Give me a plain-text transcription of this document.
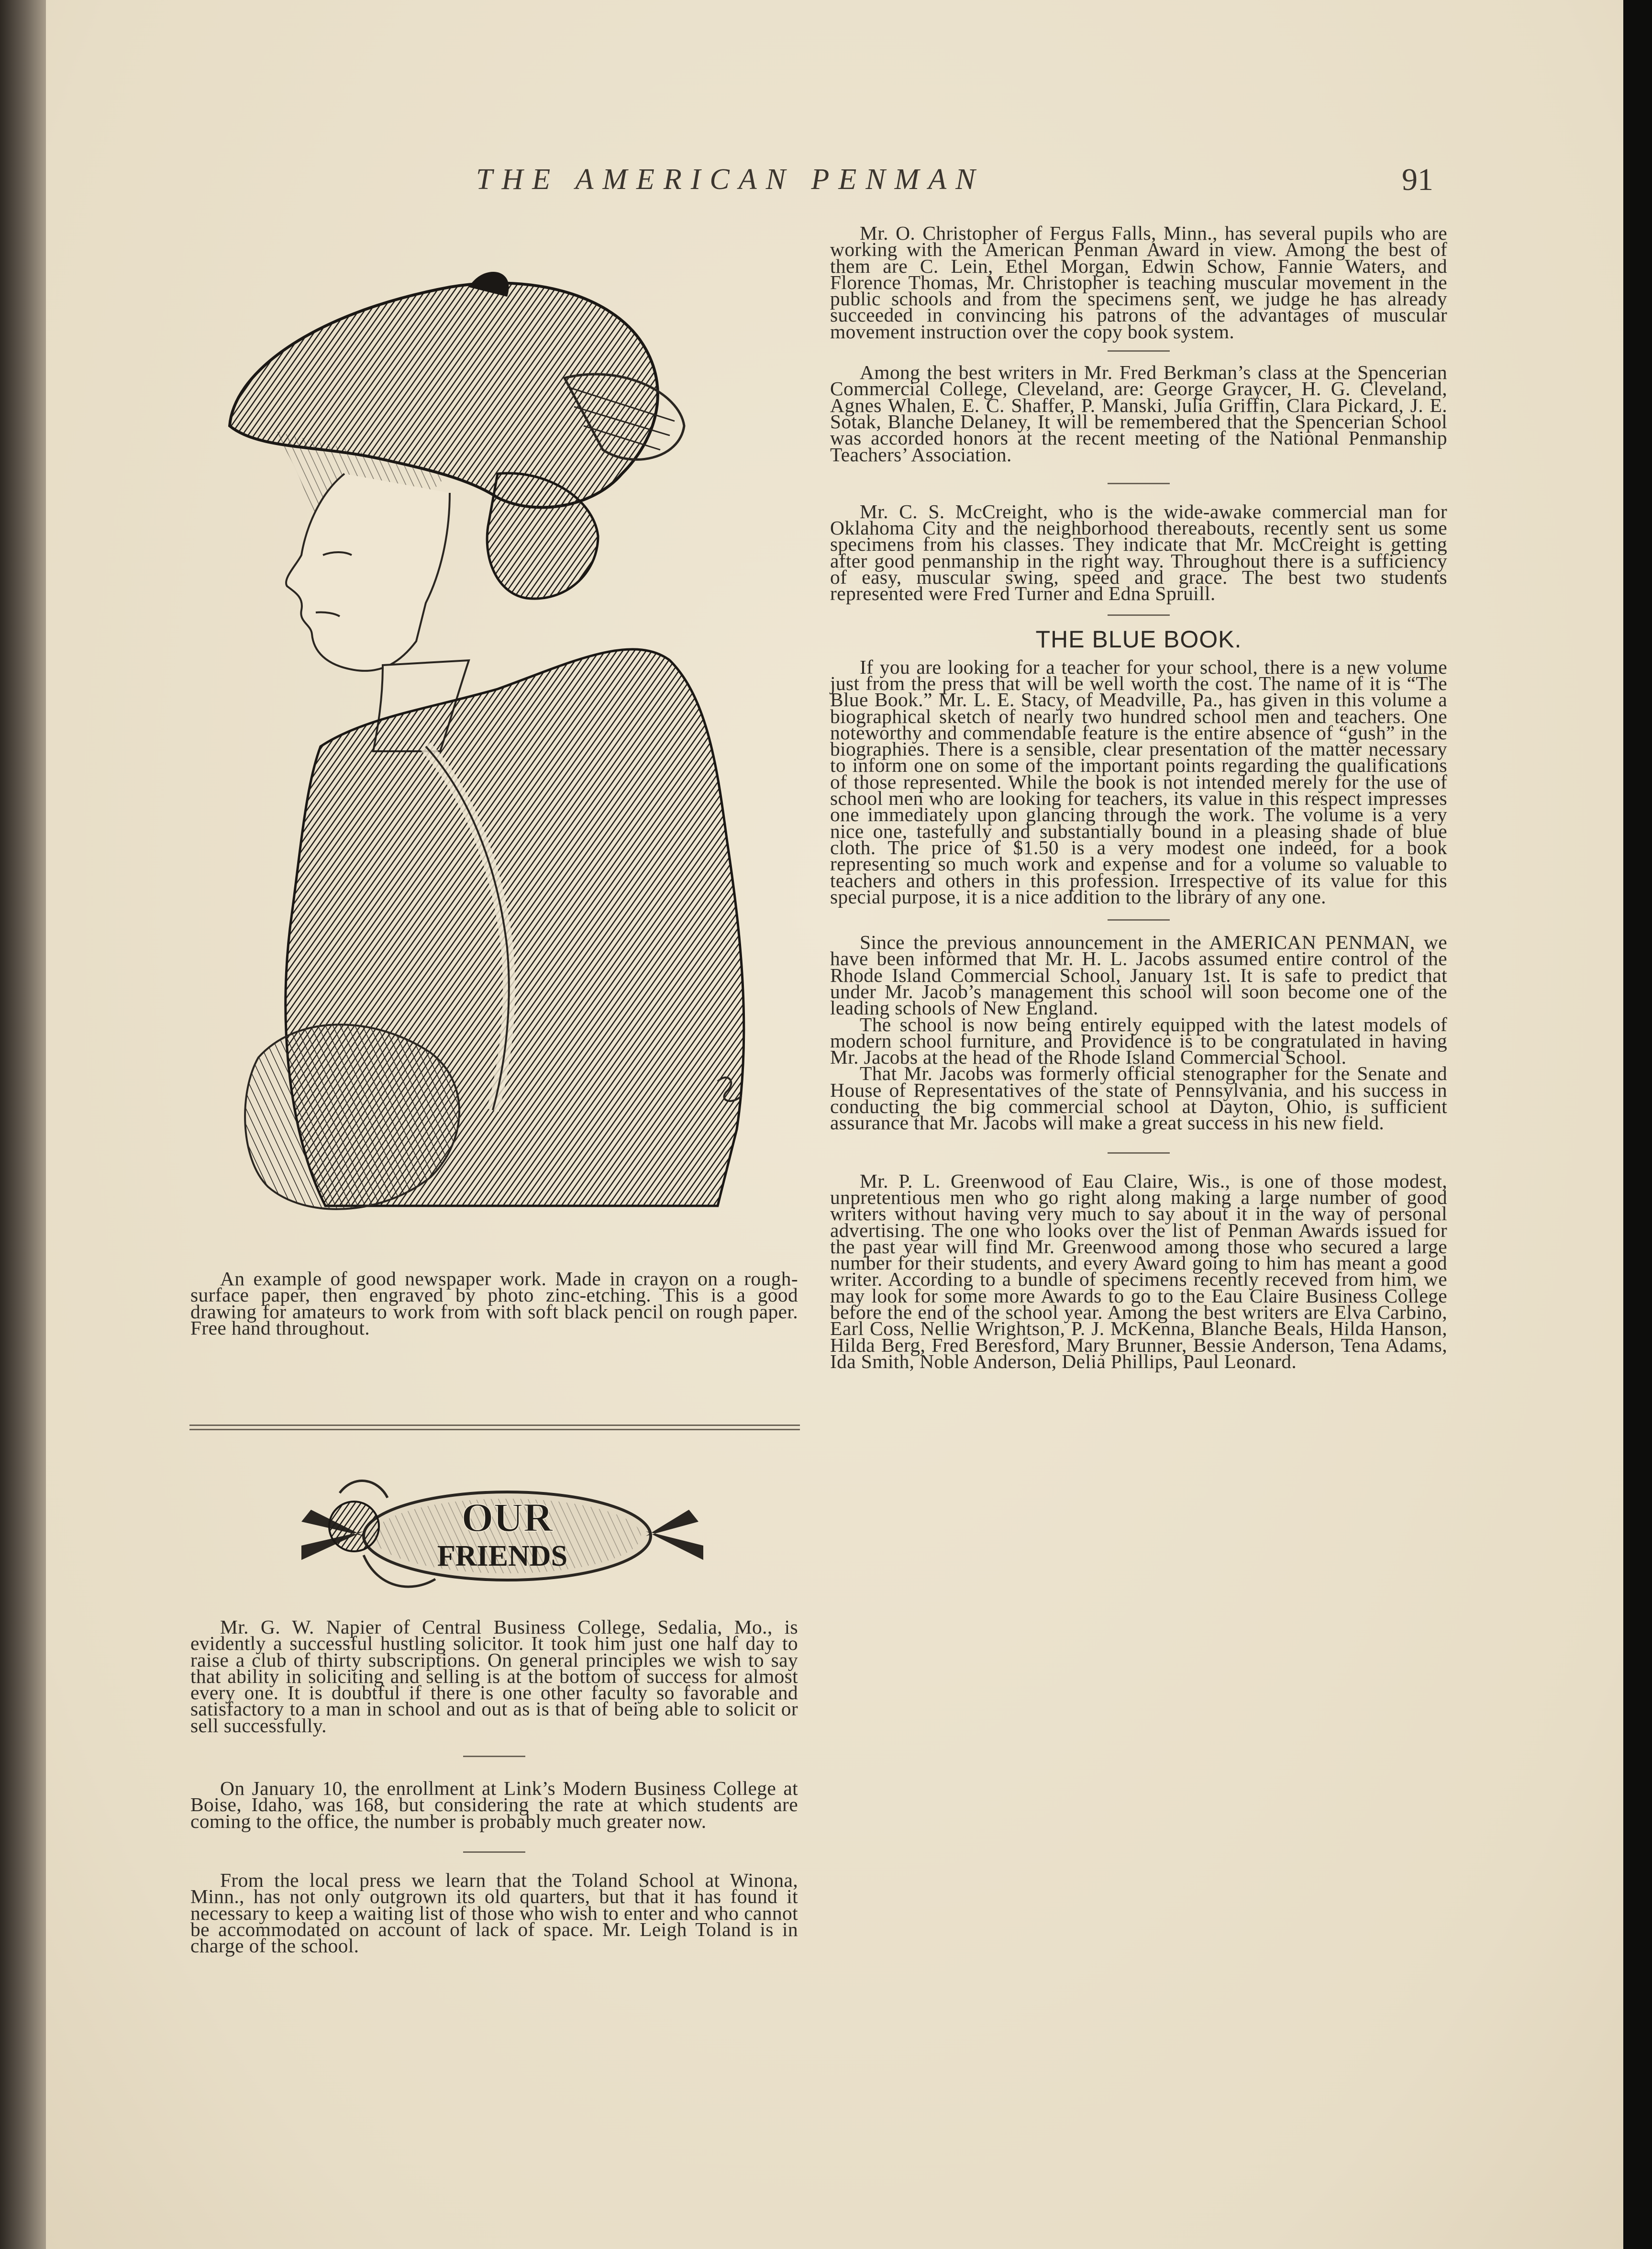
THE AMERICAN PENMAN	91

An example of good newspaper work. Made in crayon on a rough-surface paper, then engraved by photo zinc-etching. This is a good drawing for amateurs to work from with soft black pencil on rough paper. Free hand throughout.

OUR
FRIENDS

Mr. G. W. Napier of Central Business College, Sedalia, Mo., is evidently a successful hustling solicitor. It took him just one half day to raise a club of thirty subscriptions. On general principles we wish to say that ability in soliciting and selling is at the bottom of success for almost every one. It is doubtful if there is one other faculty so favorable and satisfactory to a man in school and out as is that of being able to solicit or sell successfully.

On January 10, the enrollment at Link’s Modern Business College at Boise, Idaho, was 168, but considering the rate at which students are coming to the office, the number is probably much greater now.

From the local press we learn that the Toland School at Winona, Minn., has not only outgrown its old quarters, but that it has found it necessary to keep a waiting list of those who wish to enter and who cannot be accommodated on account of lack of space. Mr. Leigh Toland is in charge of the school.

Mr. O. Christopher of Fergus Falls, Minn., has several pupils who are working with the American Penman Award in view. Among the best of them are C. Lein, Ethel Morgan, Edwin Schow, Fannie Waters, and Florence Thomas, Mr. Christopher is teaching muscular movement in the public schools and from the specimens sent, we judge he has already succeeded in convincing his patrons of the advantages of muscular movement instruction over the copy book system.

Among the best writers in Mr. Fred Berkman’s class at the Spencerian Commercial College, Cleveland, are: George Graycer, H. G. Cleveland, Agnes Whalen, E. C. Shaffer, P. Manski, Julia Griffin, Clara Pickard, J. E. Sotak, Blanche Delaney, It will be remembered that the Spencerian School was accorded honors at the recent meeting of the National Penmanship Teachers’ Association.

Mr. C. S. McCreight, who is the wide-awake commercial man for Oklahoma City and the neighborhood thereabouts, recently sent us some specimens from his classes. They indicate that Mr. McCreight is getting after good penmanship in the right way. Throughout there is a sufficiency of easy, muscular swing, speed and grace. The best two students represented were Fred Turner and Edna Spruill.

THE BLUE BOOK.

If you are looking for a teacher for your school, there is a new volume just from the press that will be well worth the cost. The name of it is “The Blue Book.” Mr. L. E. Stacy, of Meadville, Pa., has given in this volume a biographical sketch of nearly two hundred school men and teachers. One noteworthy and commendable feature is the entire absence of “gush” in the biographies. There is a sensible, clear presentation of the matter necessary to inform one on some of the important points regarding the qualifications of those represented. While the book is not intended merely for the use of school men who are looking for teachers, its value in this respect impresses one immediately upon glancing through the work. The volume is a very nice one, tastefully and substantially bound in a pleasing shade of blue cloth. The price of $1.50 is a very modest one indeed, for a book representing so much work and expense and for a volume so valuable to teachers and others in this profession. Irrespective of its value for this special purpose, it is a nice addition to the library of any one.

Since the previous announcement in the AMERICAN PENMAN, we have been informed that Mr. H. L. Jacobs assumed entire control of the Rhode Island Commercial School, January 1st. It is safe to predict that under Mr. Jacob’s management this school will soon become one of the leading schools of New England.

The school is now being entirely equipped with the latest models of modern school furniture, and Providence is to be congratulated in having Mr. Jacobs at the head of the Rhode Island Commercial School.

That Mr. Jacobs was formerly official stenographer for the Senate and House of Representatives of the state of Pennsylvania, and his success in conducting the big commercial school at Dayton, Ohio, is sufficient assurance that Mr. Jacobs will make a great success in his new field.

Mr. P. L. Greenwood of Eau Claire, Wis., is one of those modest, unpretentious men who go right along making a large number of good writers without having very much to say about it in the way of personal advertising. The one who looks over the list of Penman Awards issued for the past year will find Mr. Greenwood among those who secured a large number for their students, and every Award going to him has meant a good writer. According to a bundle of specimens recently receved from him, we may look for some more Awards to go to the Eau Claire Business College before the end of the school year. Among the best writers are Elva Carbino, Earl Coss, Nellie Wrightson, P. J. McKenna, Blanche Beals, Hilda Hanson, Hilda Berg, Fred Beresford, Mary Brunner, Bessie Anderson, Tena Adams, Ida Smith, Noble Anderson, Delia Phillips, Paul Leonard.
